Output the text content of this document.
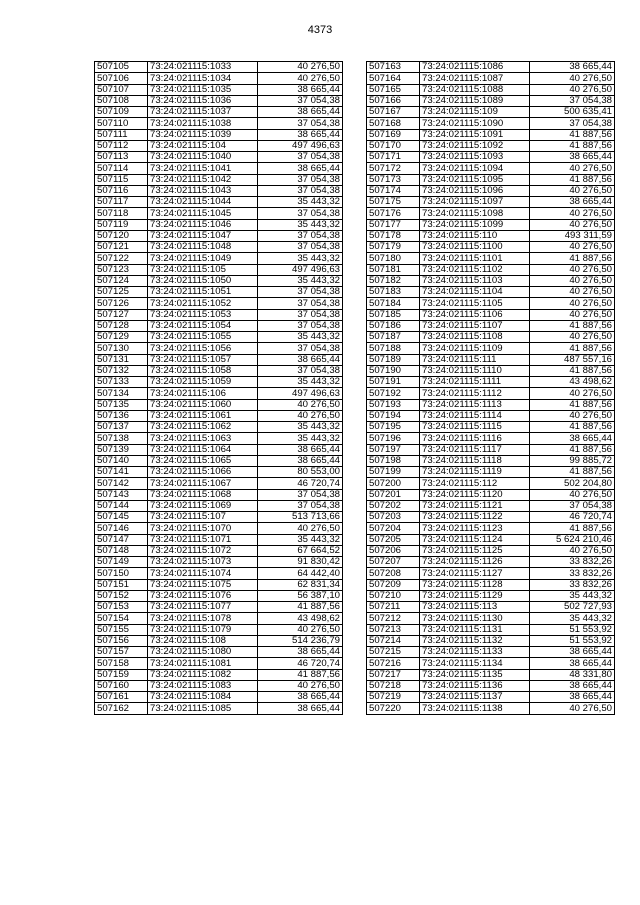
4373
507105	73:24:021115:1033	40 276,50
507106	73:24:021115:1034	40 276,50
507107	73:24:021115:1035	38 665,44
507108	73:24:021115:1036	37 054,38
507109	73:24:021115:1037	38 665,44
507110	73:24:021115:1038	37 054,38
507111	73:24:021115:1039	38 665,44
507112	73:24:021115:104	497 496,63
507113	73:24:021115:1040	37 054,38
507114	73:24:021115:1041	38 665,44
507115	73:24:021115:1042	37 054,38
507116	73:24:021115:1043	37 054,38
507117	73:24:021115:1044	35 443,32
507118	73:24:021115:1045	37 054,38
507119	73:24:021115:1046	35 443,32
507120	73:24:021115:1047	37 054,38
507121	73:24:021115:1048	37 054,38
507122	73:24:021115:1049	35 443,32
507123	73:24:021115:105	497 496,63
507124	73:24:021115:1050	35 443,32
507125	73:24:021115:1051	37 054,38
507126	73:24:021115:1052	37 054,38
507127	73:24:021115:1053	37 054,38
507128	73:24:021115:1054	37 054,38
507129	73:24:021115:1055	35 443,32
507130	73:24:021115:1056	37 054,38
507131	73:24:021115:1057	38 665,44
507132	73:24:021115:1058	37 054,38
507133	73:24:021115:1059	35 443,32
507134	73:24:021115:106	497 496,63
507135	73:24:021115:1060	40 276,50
507136	73:24:021115:1061	40 276,50
507137	73:24:021115:1062	35 443,32
507138	73:24:021115:1063	35 443,32
507139	73:24:021115:1064	38 665,44
507140	73:24:021115:1065	38 665,44
507141	73:24:021115:1066	80 553,00
507142	73:24:021115:1067	46 720,74
507143	73:24:021115:1068	37 054,38
507144	73:24:021115:1069	37 054,38
507145	73:24:021115:107	513 713,66
507146	73:24:021115:1070	40 276,50
507147	73:24:021115:1071	35 443,32
507148	73:24:021115:1072	67 664,52
507149	73:24:021115:1073	91 830,42
507150	73:24:021115:1074	64 442,40
507151	73:24:021115:1075	62 831,34
507152	73:24:021115:1076	56 387,10
507153	73:24:021115:1077	41 887,56
507154	73:24:021115:1078	43 498,62
507155	73:24:021115:1079	40 276,50
507156	73:24:021115:108	514 236,79
507157	73:24:021115:1080	38 665,44
507158	73:24:021115:1081	46 720,74
507159	73:24:021115:1082	41 887,56
507160	73:24:021115:1083	40 276,50
507161	73:24:021115:1084	38 665,44
507162	73:24:021115:1085	38 665,44
507163	73:24:021115:1086	38 665,44
507164	73:24:021115:1087	40 276,50
507165	73:24:021115:1088	40 276,50
507166	73:24:021115:1089	37 054,38
507167	73:24:021115:109	500 635,41
507168	73:24:021115:1090	37 054,38
507169	73:24:021115:1091	41 887,56
507170	73:24:021115:1092	41 887,56
507171	73:24:021115:1093	38 665,44
507172	73:24:021115:1094	40 276,50
507173	73:24:021115:1095	41 887,56
507174	73:24:021115:1096	40 276,50
507175	73:24:021115:1097	38 665,44
507176	73:24:021115:1098	40 276,50
507177	73:24:021115:1099	40 276,50
507178	73:24:021115:110	493 311,59
507179	73:24:021115:1100	40 276,50
507180	73:24:021115:1101	41 887,56
507181	73:24:021115:1102	40 276,50
507182	73:24:021115:1103	40 276,50
507183	73:24:021115:1104	40 276,50
507184	73:24:021115:1105	40 276,50
507185	73:24:021115:1106	40 276,50
507186	73:24:021115:1107	41 887,56
507187	73:24:021115:1108	40 276,50
507188	73:24:021115:1109	41 887,56
507189	73:24:021115:111	487 557,16
507190	73:24:021115:1110	41 887,56
507191	73:24:021115:1111	43 498,62
507192	73:24:021115:1112	40 276,50
507193	73:24:021115:1113	41 887,56
507194	73:24:021115:1114	40 276,50
507195	73:24:021115:1115	41 887,56
507196	73:24:021115:1116	38 665,44
507197	73:24:021115:1117	41 887,56
507198	73:24:021115:1118	99 885,72
507199	73:24:021115:1119	41 887,56
507200	73:24:021115:112	502 204,80
507201	73:24:021115:1120	40 276,50
507202	73:24:021115:1121	37 054,38
507203	73:24:021115:1122	46 720,74
507204	73:24:021115:1123	41 887,56
507205	73:24:021115:1124	5 624 210,46
507206	73:24:021115:1125	40 276,50
507207	73:24:021115:1126	33 832,26
507208	73:24:021115:1127	33 832,26
507209	73:24:021115:1128	33 832,26
507210	73:24:021115:1129	35 443,32
507211	73:24:021115:113	502 727,93
507212	73:24:021115:1130	35 443,32
507213	73:24:021115:1131	51 553,92
507214	73:24:021115:1132	51 553,92
507215	73:24:021115:1133	38 665,44
507216	73:24:021115:1134	38 665,44
507217	73:24:021115:1135	48 331,80
507218	73:24:021115:1136	38 665,44
507219	73:24:021115:1137	38 665,44
507220	73:24:021115:1138	40 276,50
